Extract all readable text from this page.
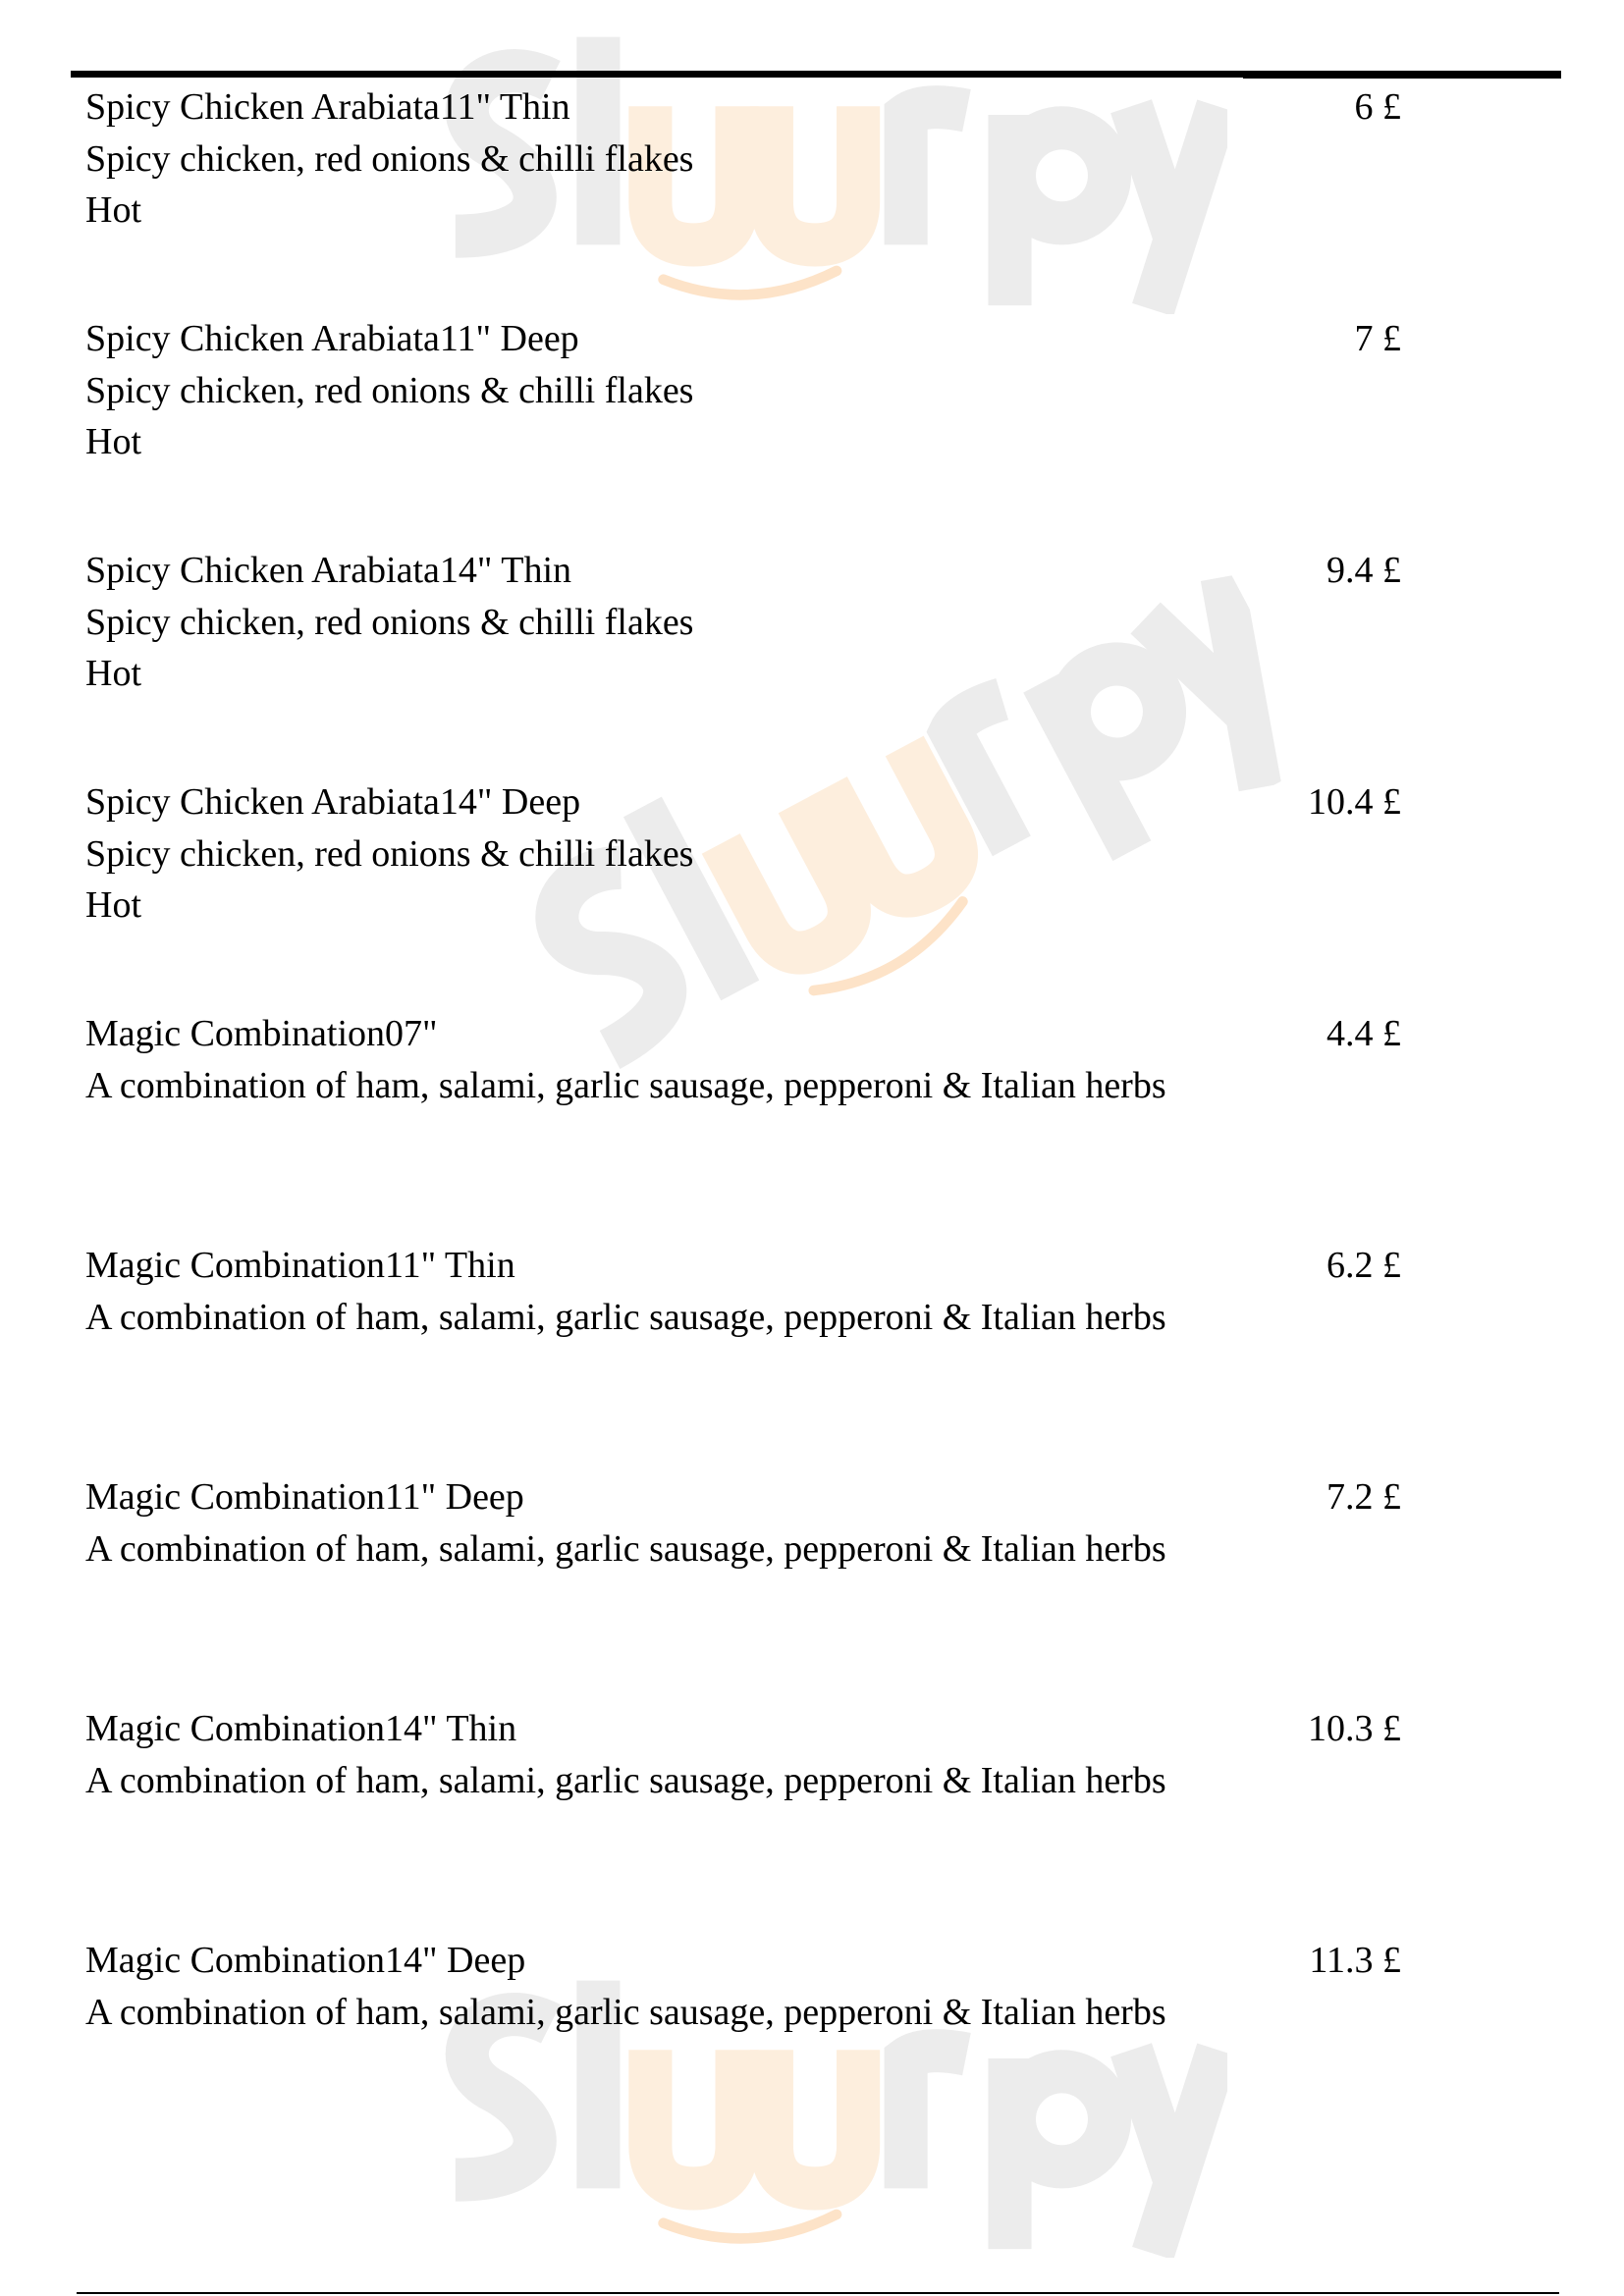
Spicy Chicken Arabiata11" Thin
Spicy chicken, red onions & chilli flakes
Hot
6 £
Spicy Chicken Arabiata11" Deep
Spicy chicken, red onions & chilli flakes
Hot
7 £
Spicy Chicken Arabiata14" Thin
Spicy chicken, red onions & chilli flakes
Hot
9.4 £
Spicy Chicken Arabiata14" Deep
Spicy chicken, red onions & chilli flakes
Hot
10.4 £
Magic Combination07"
A combination of ham, salami, garlic sausage, pepperoni & Italian herbs
4.4 £
Magic Combination11" Thin
A combination of ham, salami, garlic sausage, pepperoni & Italian herbs
6.2 £
Magic Combination11" Deep
A combination of ham, salami, garlic sausage, pepperoni & Italian herbs
7.2 £
Magic Combination14" Thin
A combination of ham, salami, garlic sausage, pepperoni & Italian herbs
10.3 £
Magic Combination14" Deep
A combination of ham, salami, garlic sausage, pepperoni & Italian herbs
11.3 £
